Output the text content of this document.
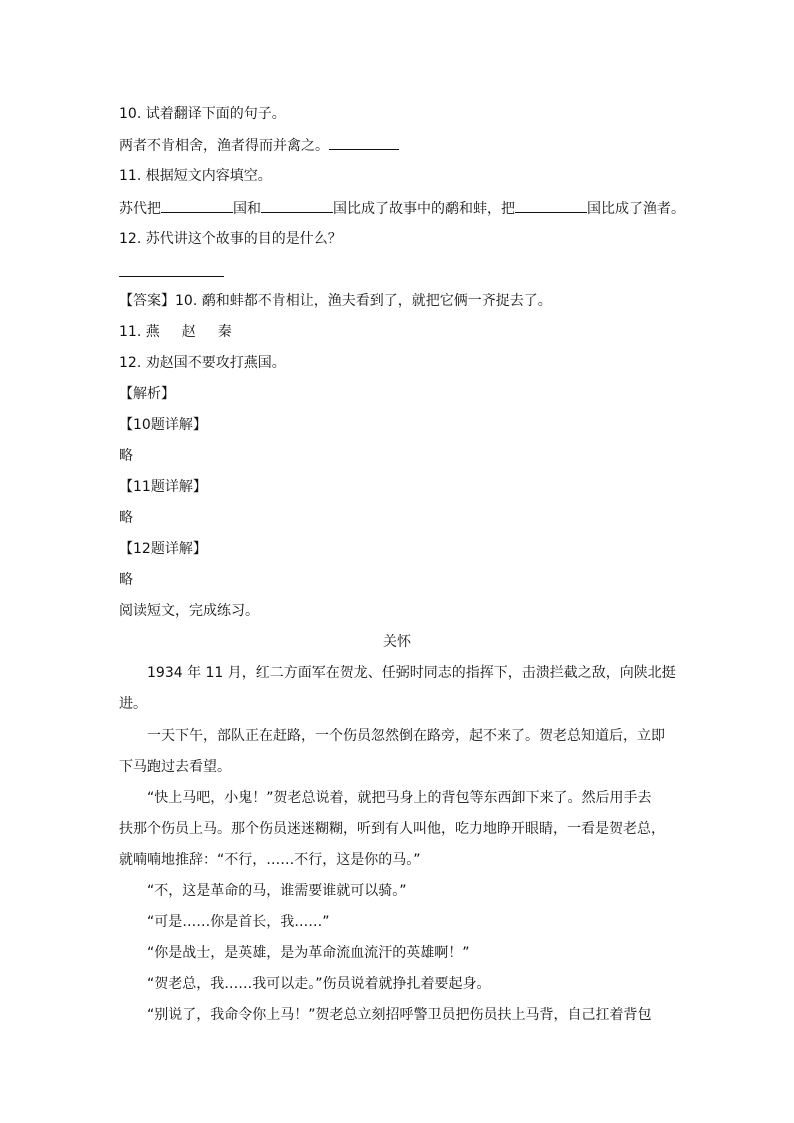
10. 试着翻译下面的句子。
两者不肯相舍，渔者得而并禽之。
11. 根据短文内容填空。
苏代把	国和	国比成了故事中的鹬和蚌，把	国比成了渔者。
12. 苏代讲这个故事的目的是什么？
【答案】10. 鹬和蚌都不肯相让，渔夫看到了，就把它俩一齐捉去了。
11. 燕 赵 秦
12. 劝赵国不要攻打燕国。
【解析】
【10题详解】
略
【11题详解】
略
【12题详解】
略
阅读短文，完成练习。
关怀
1934 年 11 月，红二方面军在贺龙、任弼时同志的指挥下，击溃拦截之敌，向陕北挺
进。
一天下午，部队正在赶路，一个伤员忽然倒在路旁，起不来了。贺老总知道后，立即
下马跑过去看望。
“快上马吧，小鬼！”贺老总说着，就把马身上的背包等东西卸下来了。然后用手去
扶那个伤员上马。那个伤员迷迷糊糊，听到有人叫他，吃力地睁开眼睛，一看是贺老总，
就喃喃地推辞：“不行，……不行，这是你的马。”
“不，这是革命的马，谁需要谁就可以骑。”
“可是……你是首长，我……”
“你是战士，是英雄，是为革命流血流汗的英雄啊！”
“贺老总，我……我可以走。”伤员说着就挣扎着要起身。
“别说了，我命令你上马！”贺老总立刻招呼警卫员把伤员扶上马背，自己扛着背包
